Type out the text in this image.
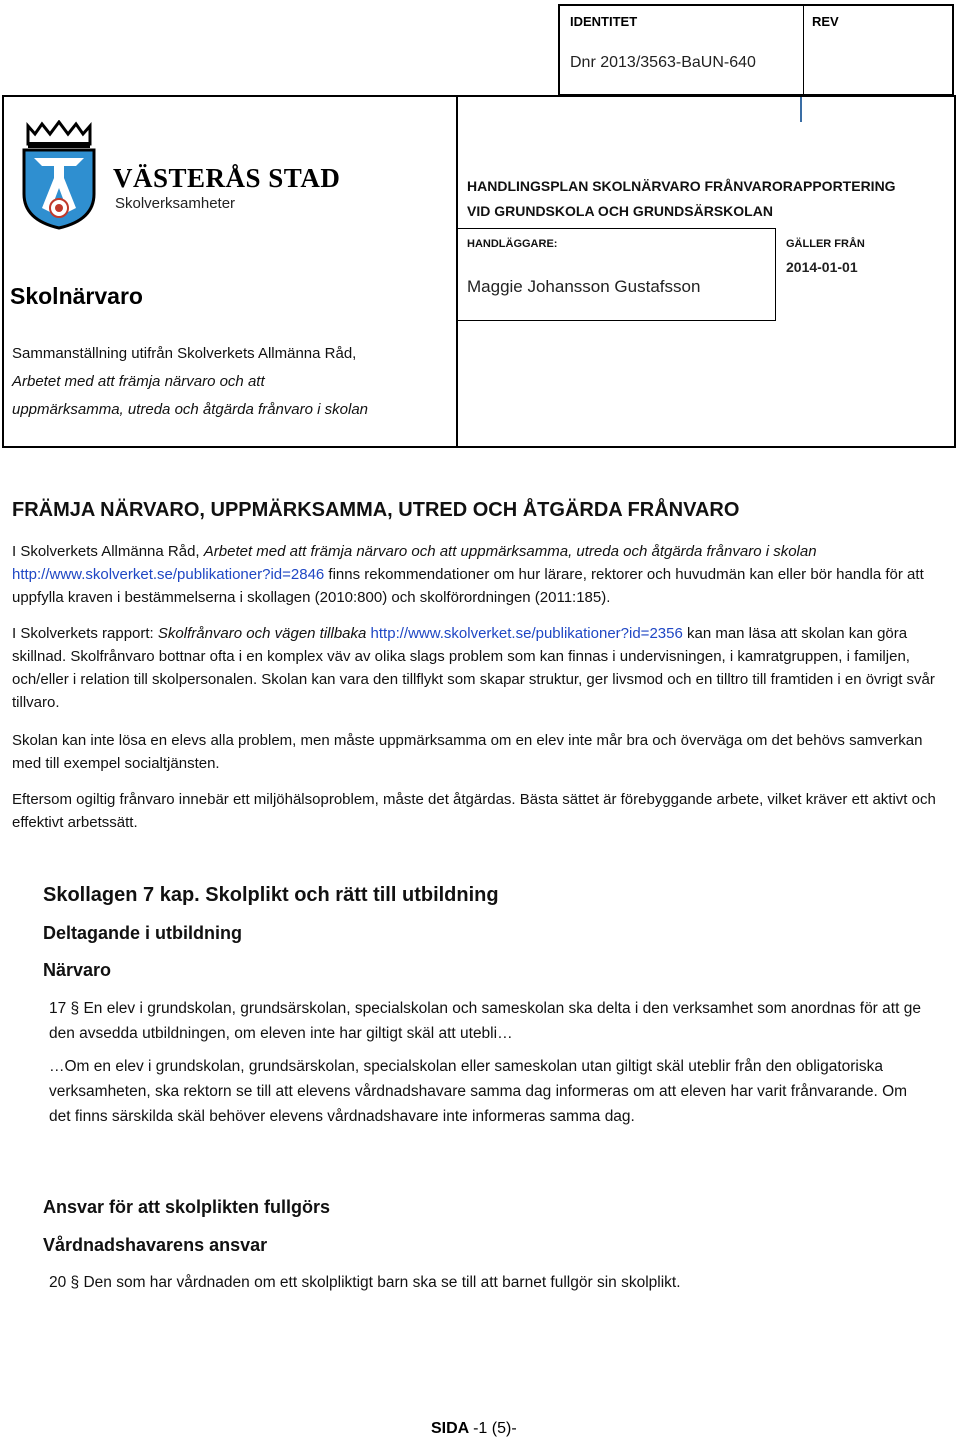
IDENTITET	REV
Dnr 2013/3563-BaUN-640
VÄSTERÅS STAD
Skolverksamheter
HANDLINGSPLAN SKOLNÄRVARO FRÅNVARORAPPORTERING
VID GRUNDSKOLA OCH GRUNDSÄRSKOLAN
HANDLÄGGARE:
Maggie Johansson Gustafsson
GÄLLER FRÅN
2014-01-01
Skolnärvaro
Sammanställning utifrån Skolverkets Allmänna Råd,
Arbetet med att främja närvaro och att
uppmärksamma, utreda och åtgärda frånvaro i skolan
FRÄMJA NÄRVARO, UPPMÄRKSAMMA, UTRED OCH ÅTGÄRDA FRÅNVARO
I Skolverkets Allmänna Råd, Arbetet med att främja närvaro och att uppmärksamma, utreda och åtgärda frånvaro i skolan http://www.skolverket.se/publikationer?id=2846 finns rekommendationer om hur lärare, rektorer och huvudmän kan eller bör handla för att uppfylla kraven i bestämmelserna i skollagen (2010:800) och skolförordningen (2011:185).
I Skolverkets rapport: Skolfrånvaro och vägen tillbaka http://www.skolverket.se/publikationer?id=2356 kan man läsa att skolan kan göra skillnad. Skolfrånvaro bottnar ofta i en komplex väv av olika slags problem som kan finnas i undervisningen, i kamratgruppen, i familjen, och/eller i relation till skolpersonalen. Skolan kan vara den tillflykt som skapar struktur, ger livsmod och en tilltro till framtiden i en övrigt svår tillvaro.
Skolan kan inte lösa en elevs alla problem, men måste uppmärksamma om en elev inte mår bra och överväga om det behövs samverkan med till exempel socialtjänsten.
Eftersom ogiltig frånvaro innebär ett miljöhälsoproblem, måste det åtgärdas. Bästa sättet är förebyggande arbete, vilket kräver ett aktivt och effektivt arbetssätt.
Skollagen 7 kap. Skolplikt och rätt till utbildning
Deltagande i utbildning
Närvaro
17 § En elev i grundskolan, grundsärskolan, specialskolan och sameskolan ska delta i den verksamhet som anordnas för att ge den avsedda utbildningen, om eleven inte har giltigt skäl att utebli…
…Om en elev i grundskolan, grundsärskolan, specialskolan eller sameskolan utan giltigt skäl uteblir från den obligatoriska verksamheten, ska rektorn se till att elevens vårdnadshavare samma dag informeras om att eleven har varit frånvarande. Om det finns särskilda skäl behöver elevens vårdnadshavare inte informeras samma dag.
Ansvar för att skolplikten fullgörs
Vårdnadshavarens ansvar
20 § Den som har vårdnaden om ett skolpliktigt barn ska se till att barnet fullgör sin skolplikt.
SIDA -1 (5)-
